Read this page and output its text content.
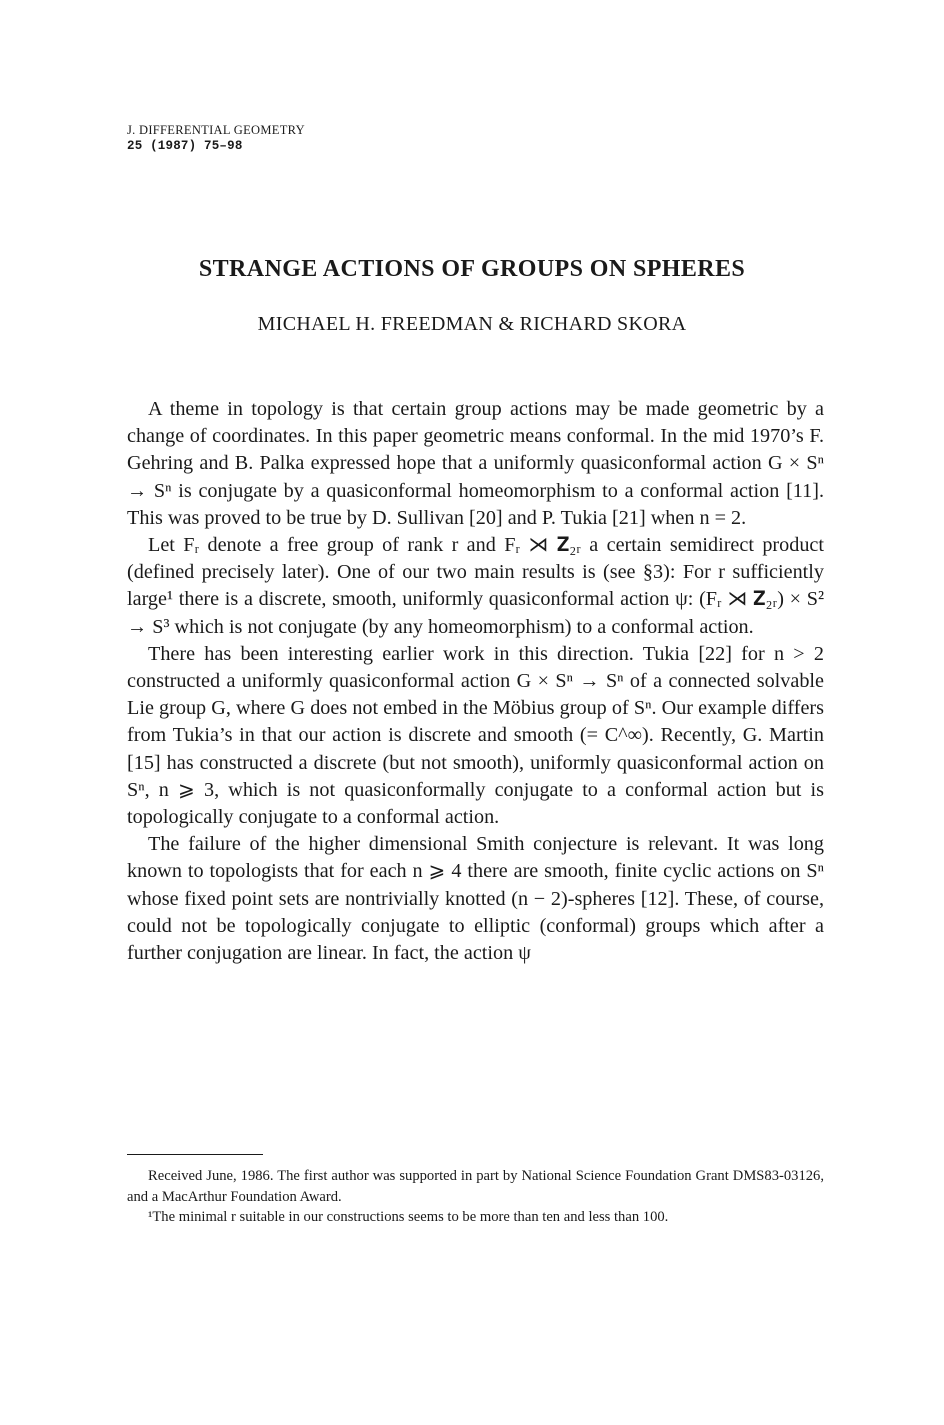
J. DIFFERENTIAL GEOMETRY
25 (1987) 75–98
STRANGE ACTIONS OF GROUPS ON SPHERES
MICHAEL H. FREEDMAN & RICHARD SKORA

A theme in topology is that certain group actions may be made geometric by a change of coordinates. In this paper geometric means conformal. In the mid 1970’s F. Gehring and B. Palka expressed hope that a uniformly quasiconformal action G × Sⁿ → Sⁿ is conjugate by a quasiconformal homeomorphism to a conformal action [11]. This was proved to be true by D. Sullivan [20] and P. Tukia [21] when n = 2.

Let Fᵣ denote a free group of rank r and Fᵣ ⋊ 𝐙₂ᵣ a certain semidirect product (defined precisely later). One of our two main results is (see §3): For r sufficiently large¹ there is a discrete, smooth, uniformly quasiconformal action ψ: (Fᵣ ⋊ 𝐙₂ᵣ) × S² → S³ which is not conjugate (by any homeomorphism) to a conformal action.

There has been interesting earlier work in this direction. Tukia [22] for n > 2 constructed a uniformly quasiconformal action G × Sⁿ → Sⁿ of a connected solvable Lie group G, where G does not embed in the Möbius group of Sⁿ. Our example differs from Tukia’s in that our action is discrete and smooth (= C^∞). Recently, G. Martin [15] has constructed a discrete (but not smooth), uniformly quasiconformal action on Sⁿ, n ⩾ 3, which is not quasiconformally conjugate to a conformal action but is topologically conjugate to a conformal action.

The failure of the higher dimensional Smith conjecture is relevant. It was long known to topologists that for each n ⩾ 4 there are smooth, finite cyclic actions on Sⁿ whose fixed point sets are nontrivially knotted (n − 2)-spheres [12]. These, of course, could not be topologically conjugate to elliptic (conformal) groups which after a further conjugation are linear. In fact, the action ψ

Received June, 1986. The first author was supported in part by National Science Foundation Grant DMS83-03126, and a MacArthur Foundation Award.

¹The minimal r suitable in our constructions seems to be more than ten and less than 100.
